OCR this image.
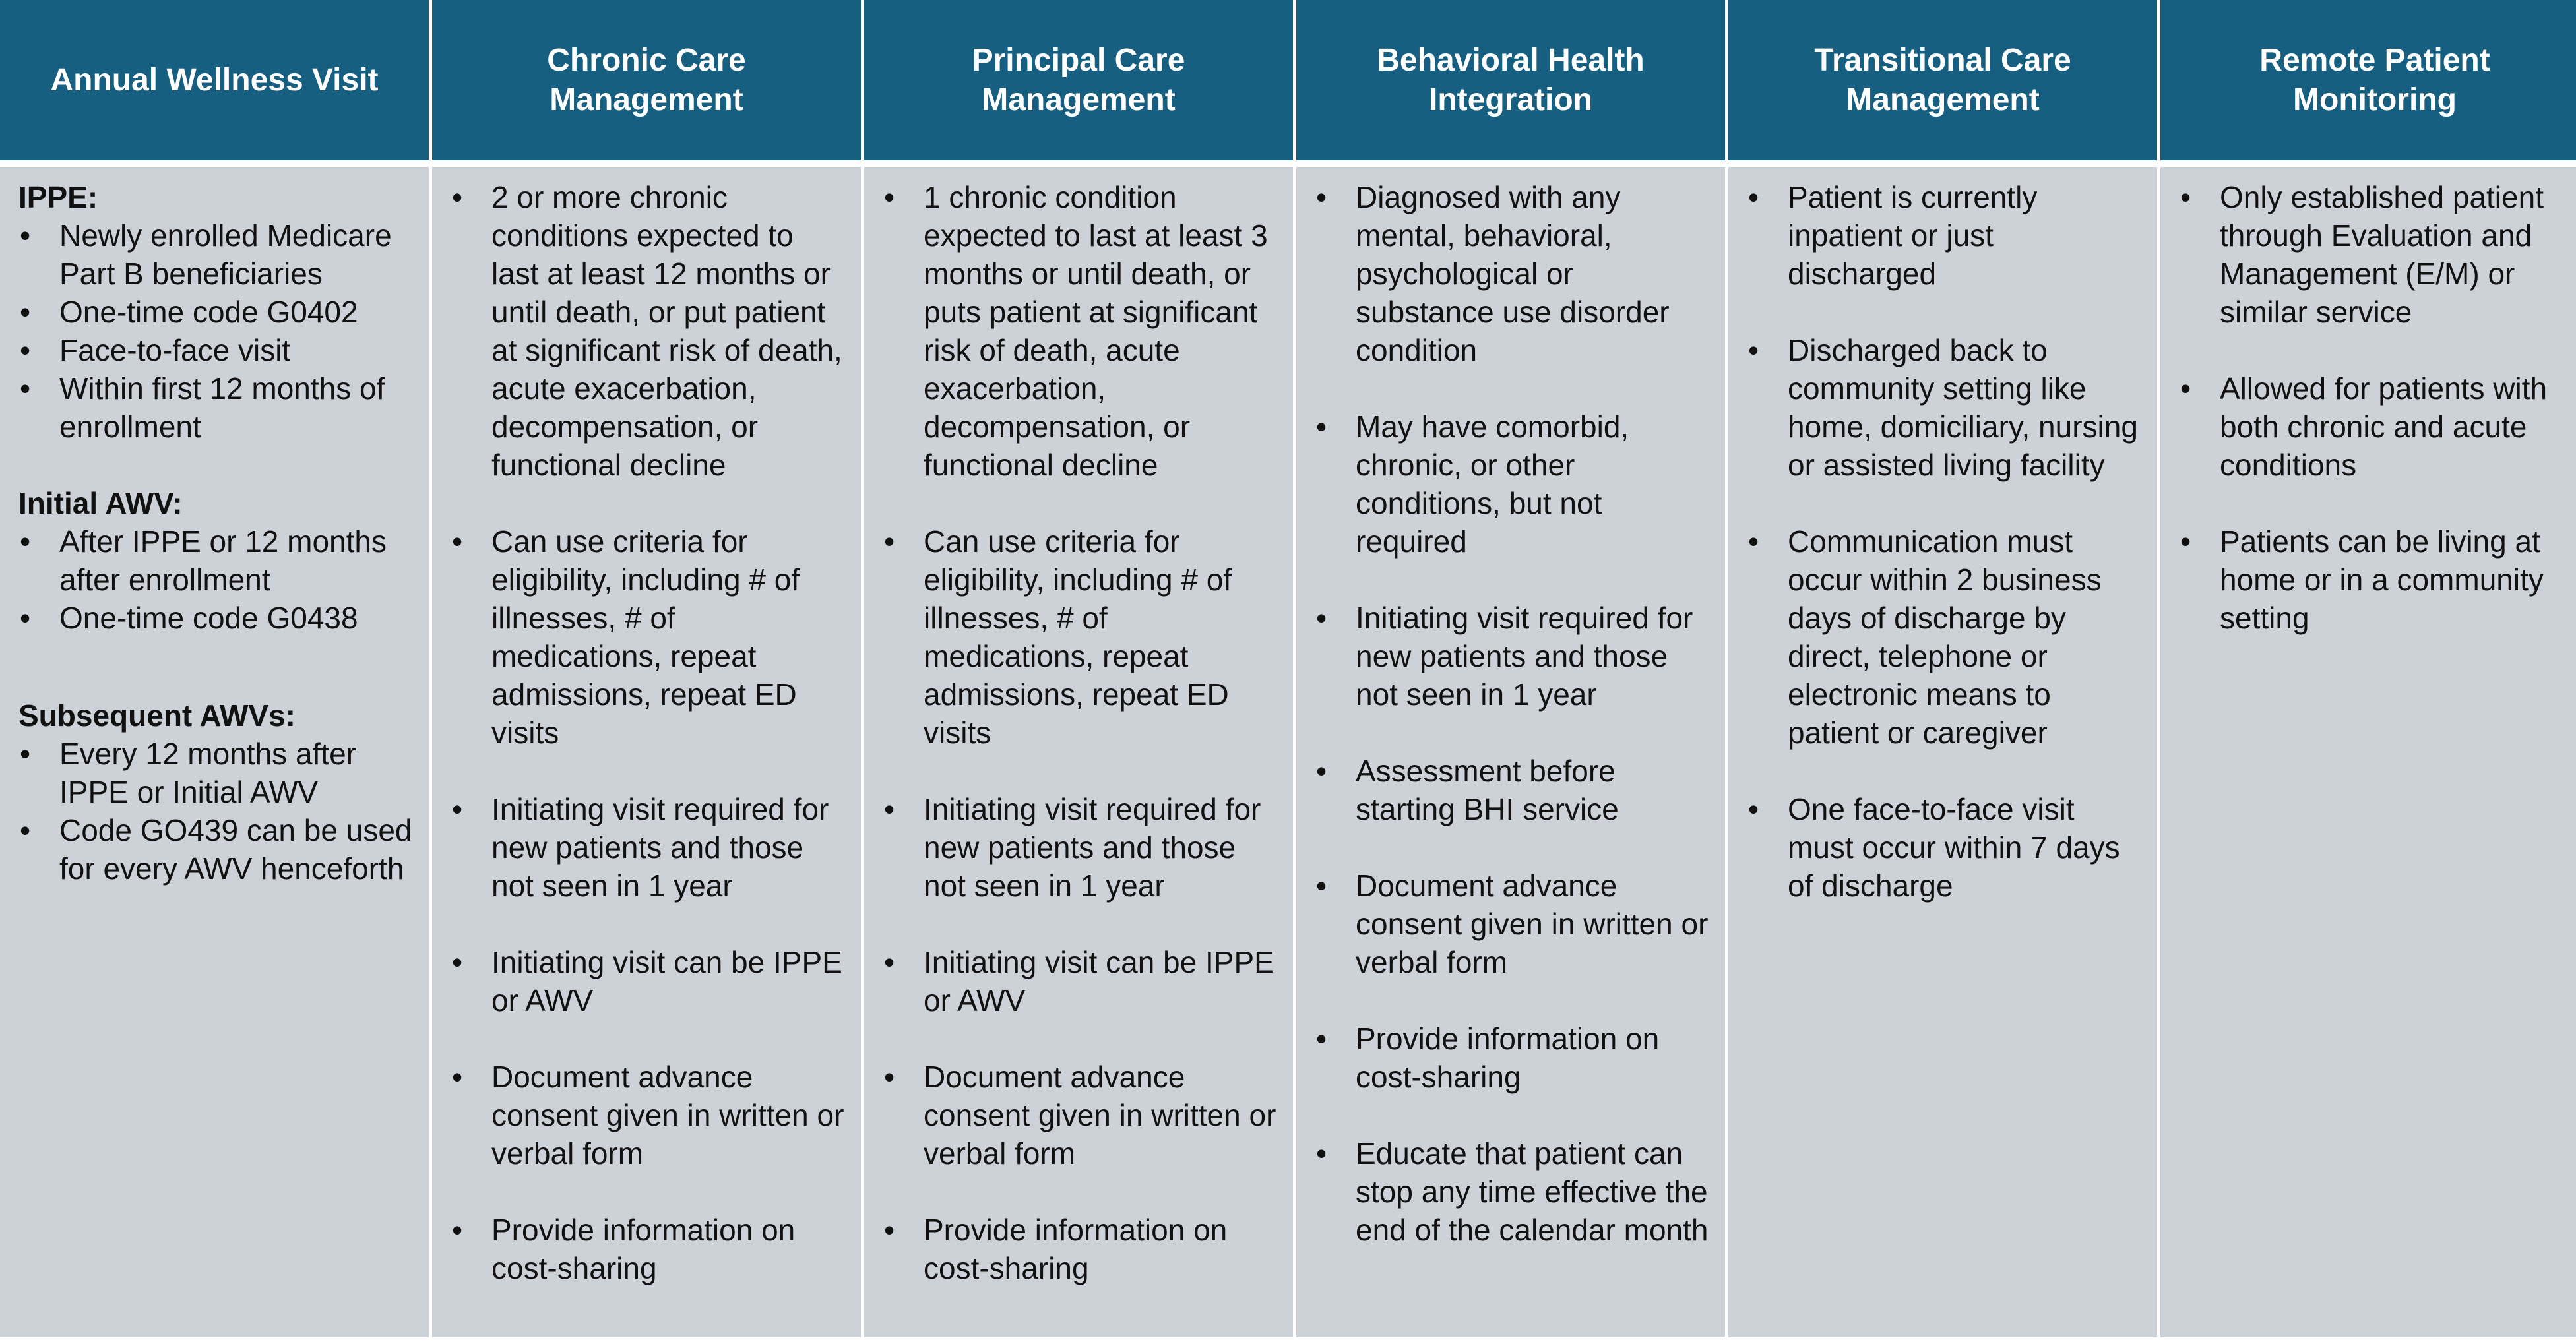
Annual Wellness Visit
Chronic Care Management
Principal Care Management
Behavioral Health Integration
Transitional Care Management
Remote Patient Monitoring
IPPE:
• Newly enrolled Medicare Part B beneficiaries
• One-time code G0402
• Face-to-face visit
• Within first 12 months of enrollment
Initial AWV:
• After IPPE or 12 months after enrollment
• One-time code G0438
Subsequent AWVs:
• Every 12 months after IPPE or Initial AWV
• Code GO439 can be used for every AWV henceforth
• 2 or more chronic conditions expected to last at least 12 months or until death, or put patient at significant risk of death, acute exacerbation, decompensation, or functional decline
• Can use criteria for eligibility, including # of illnesses, # of medications, repeat admissions, repeat ED visits
• Initiating visit required for new patients and those not seen in 1 year
• Initiating visit can be IPPE or AWV
• Document advance consent given in written or verbal form
• Provide information on cost-sharing
• 1 chronic condition expected to last at least 3 months or until death, or puts patient at significant risk of death, acute exacerbation, decompensation, or functional decline
• Can use criteria for eligibility, including # of illnesses, # of medications, repeat admissions, repeat ED visits
• Initiating visit required for new patients and those not seen in 1 year
• Initiating visit can be IPPE or AWV
• Document advance consent given in written or verbal form
• Provide information on cost-sharing
• Diagnosed with any mental, behavioral, psychological or substance use disorder condition
• May have comorbid, chronic, or other conditions, but not required
• Initiating visit required for new patients and those not seen in 1 year
• Assessment before starting BHI service
• Document advance consent given in written or verbal form
• Provide information on cost-sharing
• Educate that patient can stop any time effective the end of the calendar month
• Patient is currently inpatient or just discharged
• Discharged back to community setting like home, domiciliary, nursing or assisted living facility
• Communication must occur within 2 business days of discharge by direct, telephone or electronic means to patient or caregiver
• One face-to-face visit must occur within 7 days of discharge
• Only established patient through Evaluation and Management (E/M) or similar service
• Allowed for patients with both chronic and acute conditions
• Patients can be living at home or in a community setting
